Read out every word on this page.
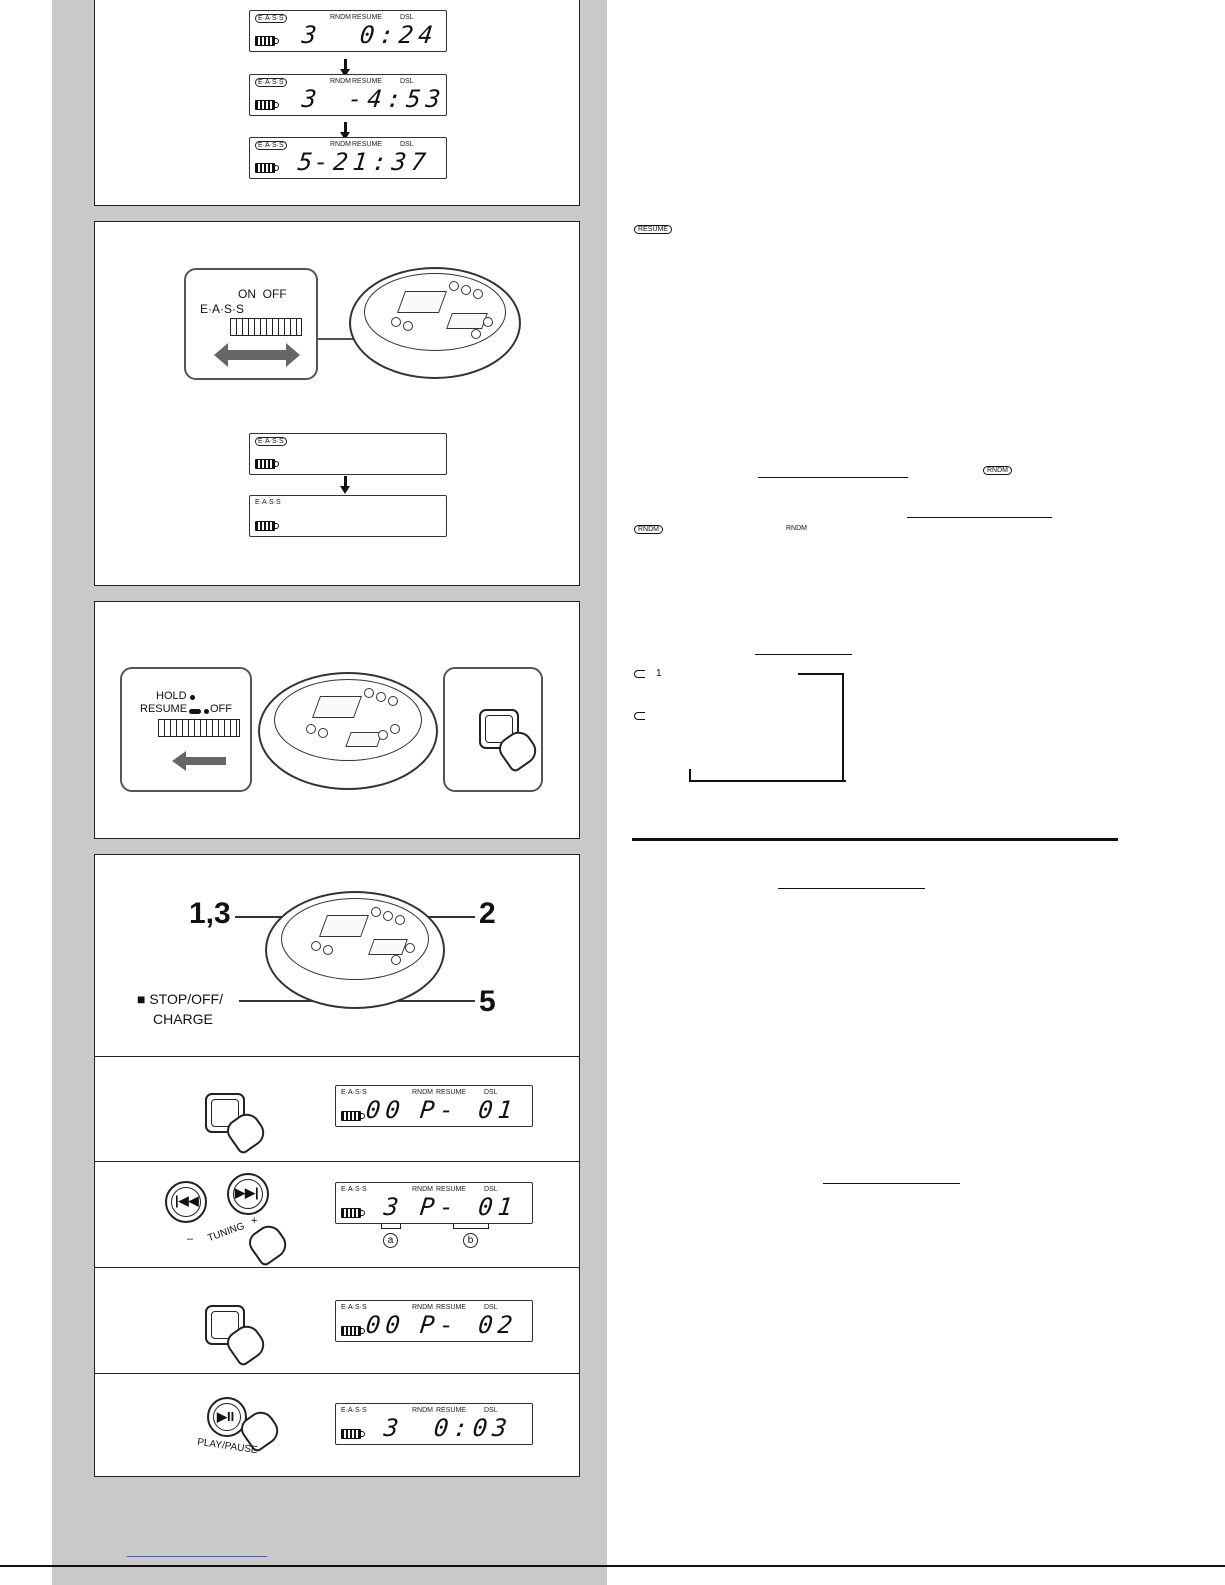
E·A·S·S	RNDM RESUME	DSL
3 0:24
E·A·S·S	RNDM RESUME	DSL
3 -4:53
E·A·S·S	RNDM RESUME	DSL
5
-21:37
ON  OFF
E·A·S·S
E·A·S·S
E·A·S·S
HOLD
RESUME OFF
1,3	2
5
■ STOP/OFF/
CHARGE
E·A·S·S	RNDM RESUME	DSL
00 P- 01
|◀◀
▶▶|
–
+
TUNING
E·A·S·S	RNDM RESUME	DSL
3 P- 01
a	b
E·A·S·S	RNDM RESUME	DSL
00 P- 02
▶II
PLAY/PAUSE
E·A·S·S	RNDM RESUME	DSL
3 0:03
RESUME
RNDM
RNDM	RNDM
1
